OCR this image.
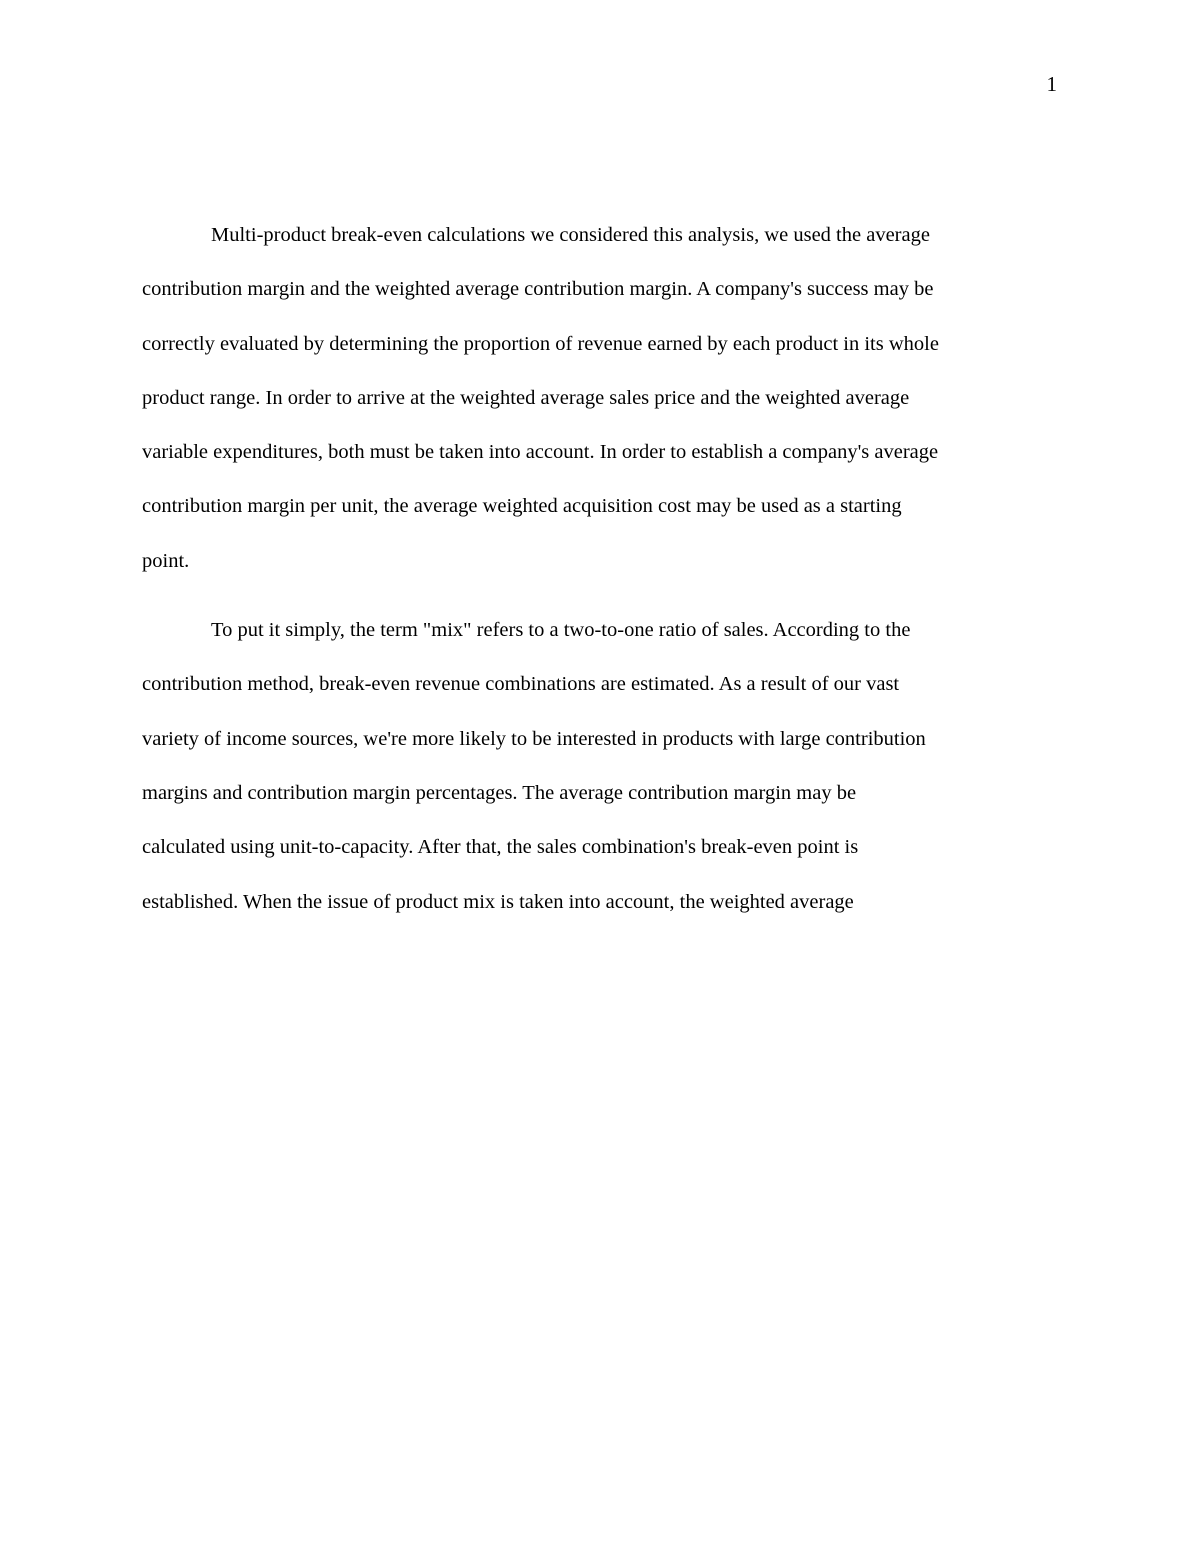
1

Multi-product break-even calculations we considered this analysis, we used the average
contribution margin and the weighted average contribution margin. A company's success may be
correctly evaluated by determining the proportion of revenue earned by each product in its whole
product range. In order to arrive at the weighted average sales price and the weighted average
variable expenditures, both must be taken into account. In order to establish a company's average
contribution margin per unit, the average weighted acquisition cost may be used as a starting
point.

To put it simply, the term "mix" refers to a two-to-one ratio of sales. According to the
contribution method, break-even revenue combinations are estimated. As a result of our vast
variety of income sources, we're more likely to be interested in products with large contribution
margins and contribution margin percentages. The average contribution margin may be
calculated using unit-to-capacity. After that, the sales combination's break-even point is
established. When the issue of product mix is taken into account, the weighted average
